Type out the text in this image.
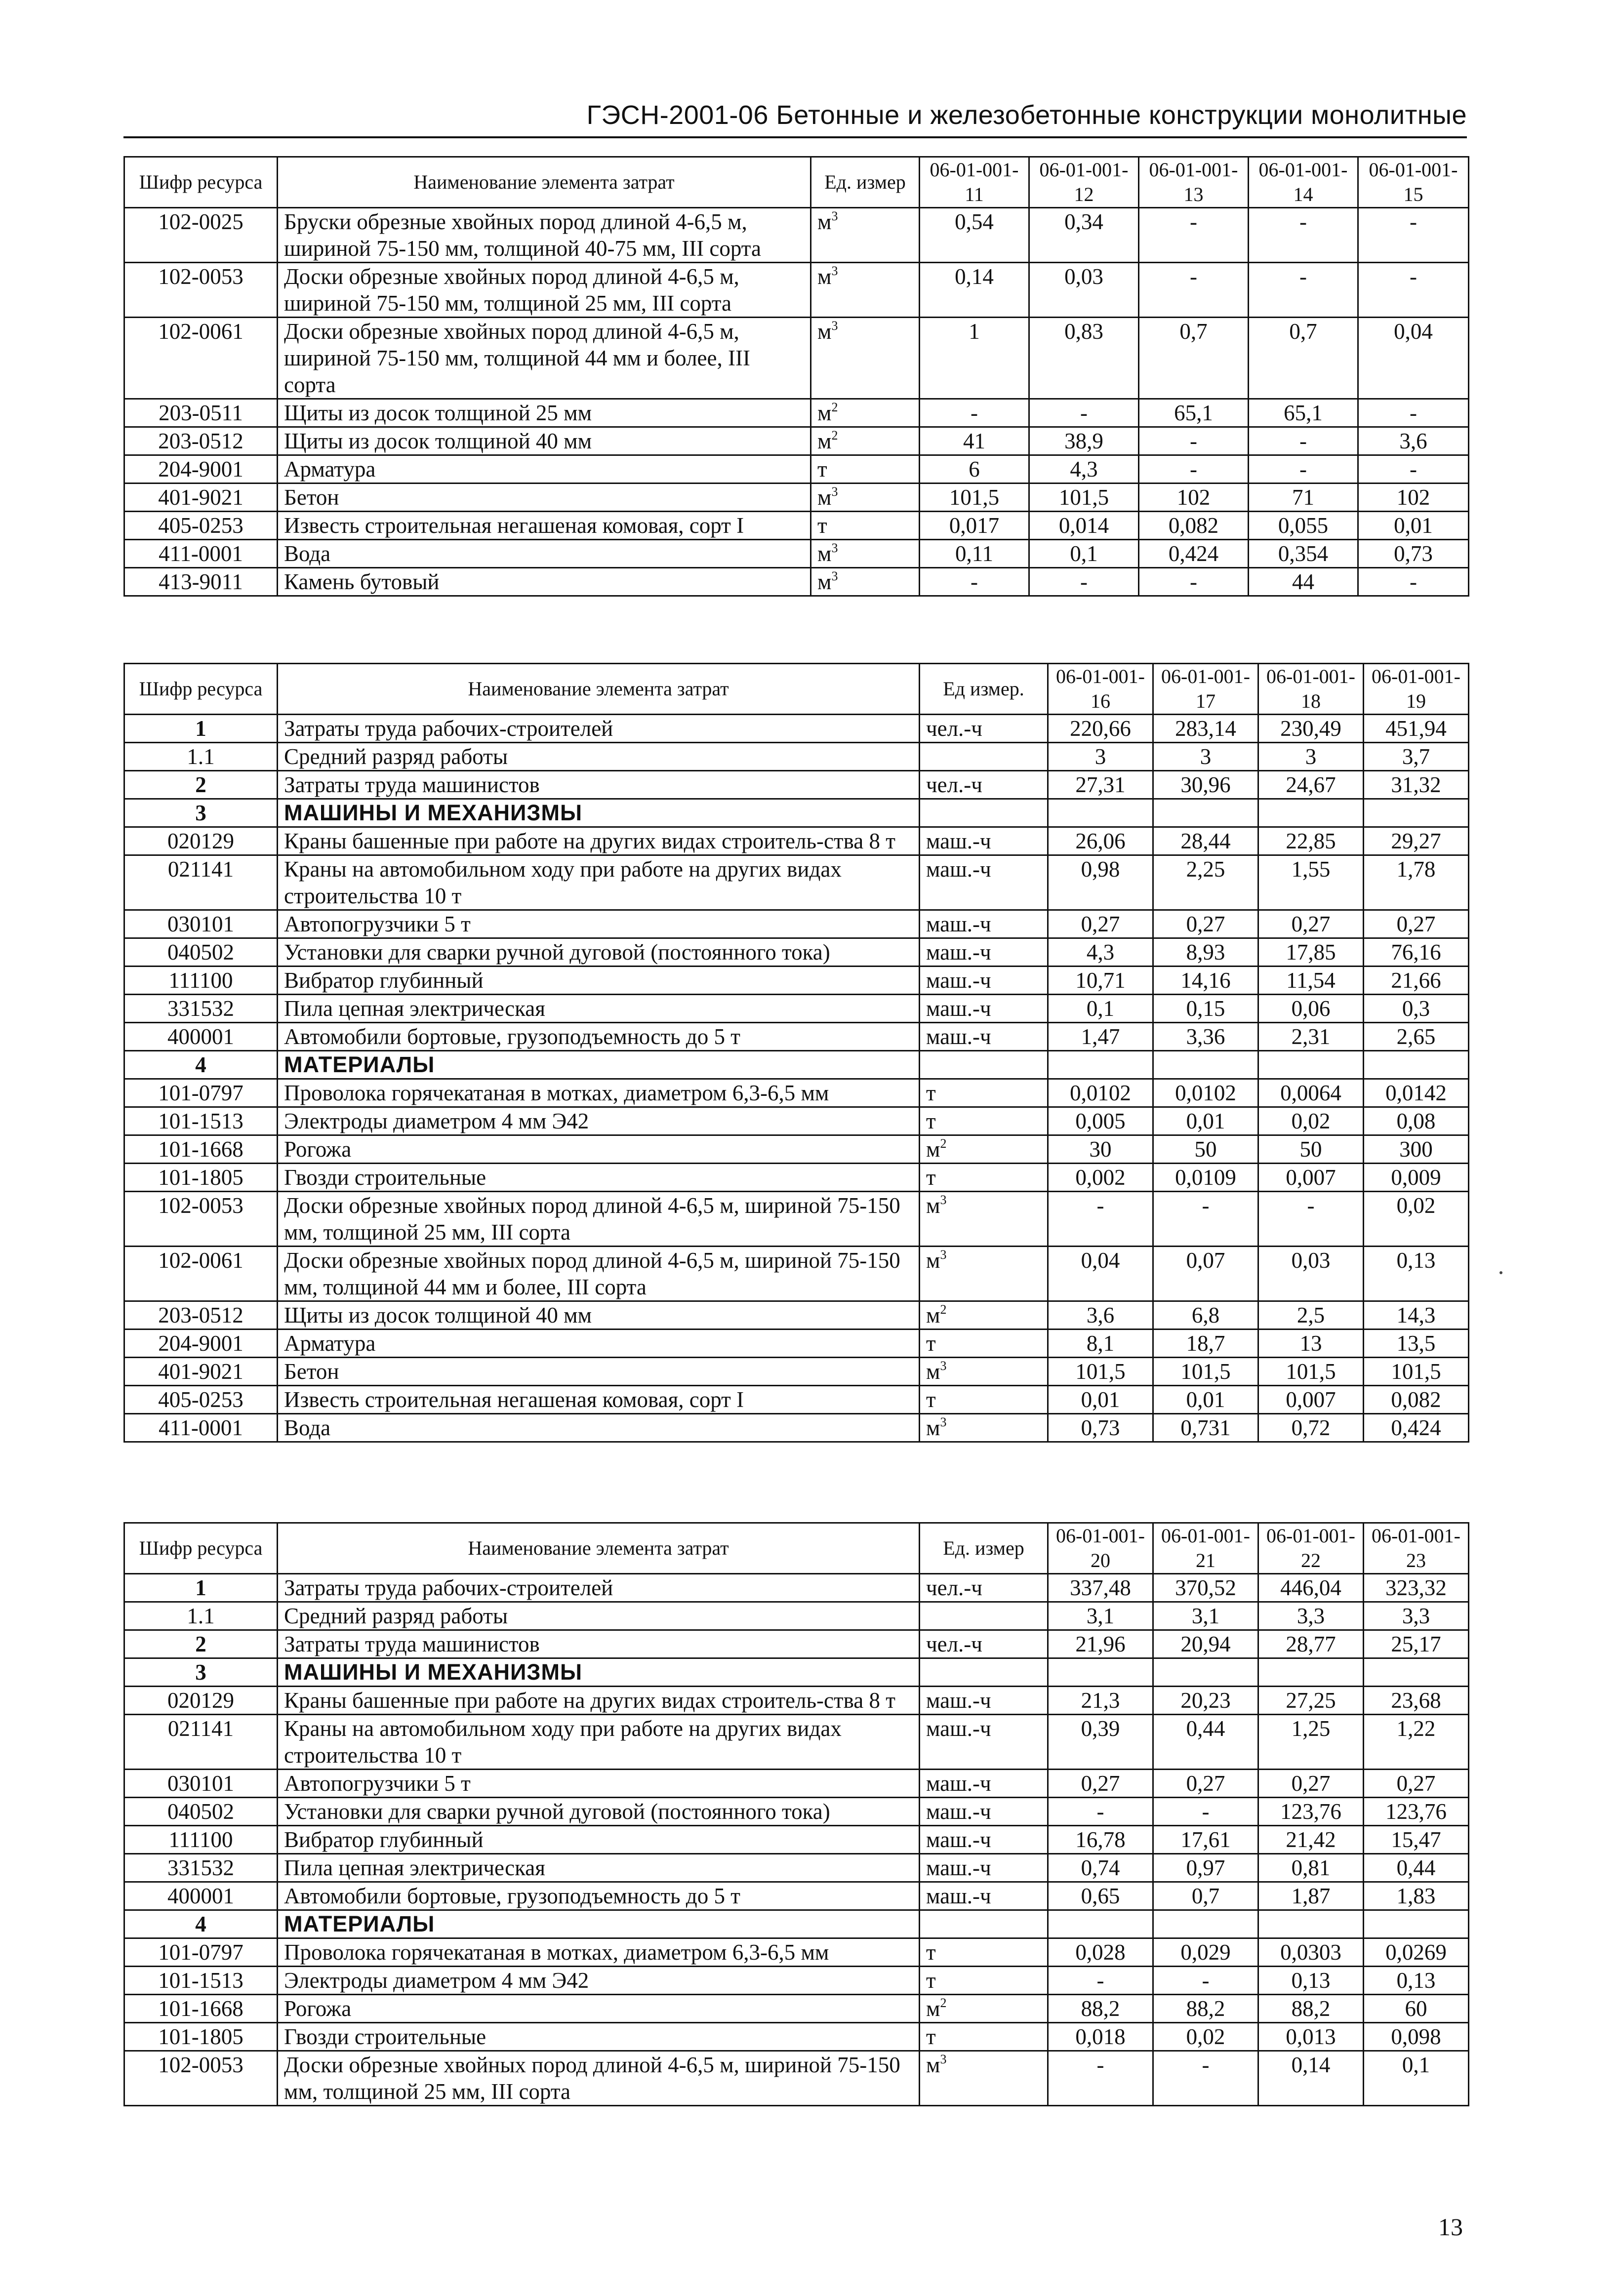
ГЭСН-2001-06 Бетонные и железобетонные конструкции монолитные
Шифр ресурса	Наименование элемента затрат	Ед. измер	06-01-001-11	06-01-001-12	06-01-001-13	06-01-001-14	06-01-001-15
102-0025	Бруски обрезные хвойных пород длиной 4-6,5 м, шириной 75-150 мм, толщиной 40-75 мм, III сорта	$м^3$	0,54	0,34	-	-	-
102-0053	Доски обрезные хвойных пород длиной 4-6,5 м, шириной 75-150 мм, толщиной 25 мм, III сорта	$м^3$	0,14	0,03	-	-	-
102-0061	Доски обрезные хвойных пород длиной 4-6,5 м, шириной 75-150 мм, толщиной 44 мм и более, III сорта	$м^3$	1	0,83	0,7	0,7	0,04
203-0511	Щиты из досок толщиной 25 мм	$м^2$	-	-	65,1	65,1	-
203-0512	Щиты из досок толщиной 40 мм	$м^2$	41	38,9	-	-	3,6
204-9001	Арматура	т	6	4,3	-	-	-
401-9021	Бетон	$м^3$	101,5	101,5	102	71	102
405-0253	Известь строительная негашеная комовая, сорт I	т	0,017	0,014	0,082	0,055	0,01
411-0001	Вода	$м^3$	0,11	0,1	0,424	0,354	0,73
413-9011	Камень бутовый	$м^3$	-	-	-	44	-
Шифр ресурса	Наименование элемента затрат	Ед измер.	06-01-001-16	06-01-001-17	06-01-001-18	06-01-001-19
1	Затраты труда рабочих-строителей	чел.-ч	220,66	283,14	230,49	451,94
1.1	Средний разряд работы		3	3	3	3,7
2	Затраты труда машинистов	чел.-ч	27,31	30,96	24,67	31,32
3	МАШИНЫ И МЕХАНИЗМЫ					
020129	Краны башенные при работе на других видах строитель-ства 8 т	маш.-ч	26,06	28,44	22,85	29,27
021141	Краны на автомобильном ходу при работе на других видах строительства 10 т	маш.-ч	0,98	2,25	1,55	1,78
030101	Автопогрузчики 5 т	маш.-ч	0,27	0,27	0,27	0,27
040502	Установки для сварки ручной дуговой (постоянного тока)	маш.-ч	4,3	8,93	17,85	76,16
111100	Вибратор глубинный	маш.-ч	10,71	14,16	11,54	21,66
331532	Пила цепная электрическая	маш.-ч	0,1	0,15	0,06	0,3
400001	Автомобили бортовые, грузоподъемность до 5 т	маш.-ч	1,47	3,36	2,31	2,65
4	МАТЕРИАЛЫ					
101-0797	Проволока горячекатаная в мотках, диаметром 6,3-6,5 мм	т	0,0102	0,0102	0,0064	0,0142
101-1513	Электроды диаметром 4 мм Э42	т	0,005	0,01	0,02	0,08
101-1668	Рогожа	$м^2$	30	50	50	300
101-1805	Гвозди строительные	т	0,002	0,0109	0,007	0,009
102-0053	Доски обрезные хвойных пород длиной 4-6,5 м, шириной 75-150 мм, толщиной 25 мм, III сорта	$м^3$	-	-	-	0,02
102-0061	Доски обрезные хвойных пород длиной 4-6,5 м, шириной 75-150 мм, толщиной 44 мм и более, III сорта	$м^3$	0,04	0,07	0,03	0,13
203-0512	Щиты из досок толщиной 40 мм	$м^2$	3,6	6,8	2,5	14,3
204-9001	Арматура	т	8,1	18,7	13	13,5
401-9021	Бетон	$м^3$	101,5	101,5	101,5	101,5
405-0253	Известь строительная негашеная комовая, сорт I	т	0,01	0,01	0,007	0,082
411-0001	Вода	$м^3$	0,73	0,731	0,72	0,424
Шифр ресурса	Наименование элемента затрат	Ед. измер	06-01-001-20	06-01-001-21	06-01-001-22	06-01-001-23
1	Затраты труда рабочих-строителей	чел.-ч	337,48	370,52	446,04	323,32
1.1	Средний разряд работы		3,1	3,1	3,3	3,3
2	Затраты труда машинистов	чел.-ч	21,96	20,94	28,77	25,17
3	МАШИНЫ И МЕХАНИЗМЫ					
020129	Краны башенные при работе на других видах строитель-ства 8 т	маш.-ч	21,3	20,23	27,25	23,68
021141	Краны на автомобильном ходу при работе на других видах строительства 10 т	маш.-ч	0,39	0,44	1,25	1,22
030101	Автопогрузчики 5 т	маш.-ч	0,27	0,27	0,27	0,27
040502	Установки для сварки ручной дуговой (постоянного тока)	маш.-ч	-	-	123,76	123,76
111100	Вибратор глубинный	маш.-ч	16,78	17,61	21,42	15,47
331532	Пила цепная электрическая	маш.-ч	0,74	0,97	0,81	0,44
400001	Автомобили бортовые, грузоподъемность до 5 т	маш.-ч	0,65	0,7	1,87	1,83
4	МАТЕРИАЛЫ					
101-0797	Проволока горячекатаная в мотках, диаметром 6,3-6,5 мм	т	0,028	0,029	0,0303	0,0269
101-1513	Электроды диаметром 4 мм Э42	т	-	-	0,13	0,13
101-1668	Рогожа	$м^2$	88,2	88,2	88,2	60
101-1805	Гвозди строительные	т	0,018	0,02	0,013	0,098
102-0053	Доски обрезные хвойных пород длиной 4-6,5 м, шириной 75-150 мм, толщиной 25 мм, III сорта	$м^3$	-	-	0,14	0,1
13
